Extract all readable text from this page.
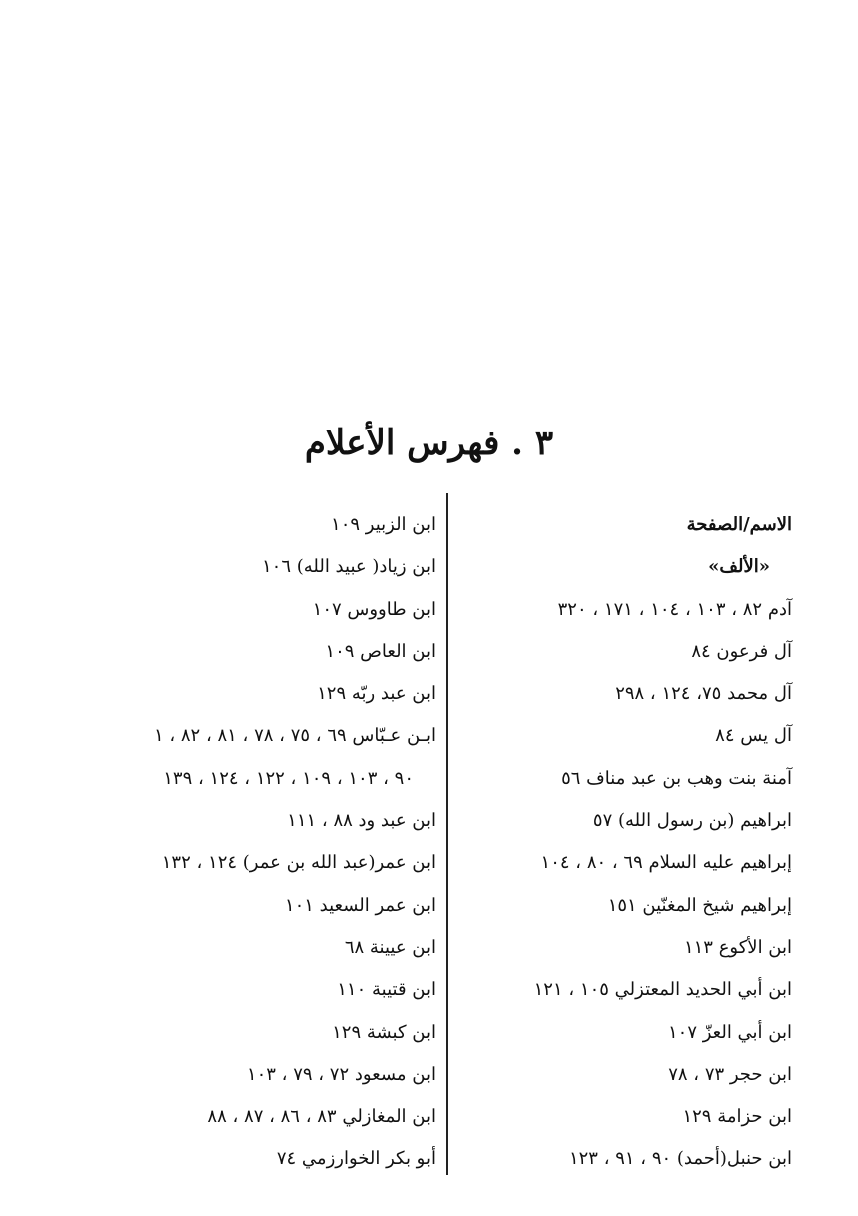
٣ . فهرس الأعلام
الاسم/الصفحة
«الألف»
آدم ٨٢ ، ١٠٣ ، ١٠٤ ، ١٧١ ، ٣٢٠
آل فرعون ٨٤
آل محمد ٧٥، ١٢٤ ، ٢٩٨
آل يس ٨٤
آمنة بنت وهب بن عبد مناف ٥٦
ابراهيم (بن رسول الله) ٥٧
إبراهيم عليه السلام ٦٩ ، ٨٠ ، ١٠٤
إبراهيم شيخ المغنّين ١٥١
ابن الأكوع ١١٣
ابن أبي الحديد المعتزلي ١٠٥ ، ١٢١
ابن أبي العزّ ١٠٧
ابن حجر ٧٣ ، ٧٨
ابن حزامة ١٢٩
ابن حنبل(أحمد) ٩٠ ، ٩١ ، ١٢٣
ابن الزبير ١٠٩
ابن زياد( عبيد الله) ١٠٦
ابن طاووس ١٠٧
ابن العاص ١٠٩
ابن عبد ربّه ١٢٩
ابـن عـبّاس ٦٩ ، ٧٥ ، ٧٨ ، ٨١ ، ٨٢ ، ١
٩٠ ، ١٠٣ ، ١٠٩ ، ١٢٢ ، ١٢٤ ، ١٣٩
ابن عبد ود ٨٨ ، ١١١
ابن عمر(عبد الله بن عمر) ١٢٤ ، ١٣٢
ابن عمر السعيد ١٠١
ابن عيينة ٦٨
ابن قتيبة ١١٠
ابن كبشة ١٢٩
ابن مسعود ٧٢ ، ٧٩ ، ١٠٣
ابن المغازلي ٨٣ ، ٨٦ ، ٨٧ ، ٨٨
أبو بكر الخوارزمي ٧٤
